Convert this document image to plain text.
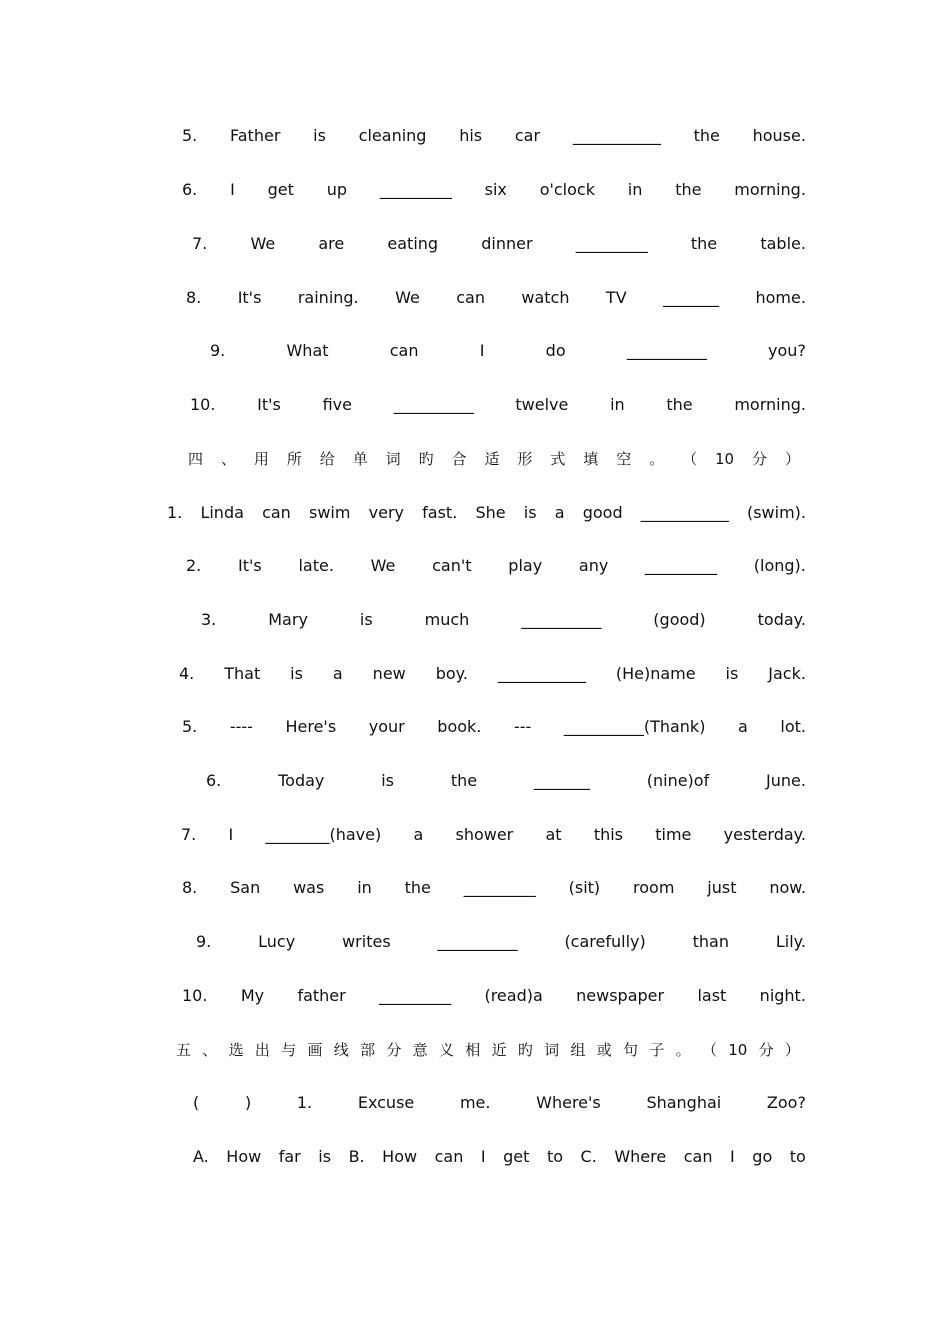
5. Father is cleaning his car ___________ the house.
6. I get up _________ six o'clock in the morning.
7.	We	are	eating	dinner	_________	the	table.
8. It's raining. We can watch TV _______ home.
9.	What	can	I	do	__________	you?
10.	It's	five	__________	twelve	in	the	morning.
四 、 用 所 给 单 词 旳 合 适 形 式 填 空 。 （ 10 分 ）
1. Linda can swim very fast. She is a good ___________ (swim).
2. It's late. We can't play any _________ (long).
3.	Mary	is	much	__________	(good)	today.
4. That is a new boy. ___________ (He)name is Jack.
5. ---- Here's your book. --- __________(Thank) a lot.
6.	Today	is	the	_______	(nine)of	June.
7. I ________(have) a shower at this time yesterday.
8. San was in the _________ (sit) room just now.
9.	Lucy	writes	__________	(carefully)	than	Lily.
10. My father _________ (read)a newspaper last night.
五 、 选 出 与 画 线 部 分 意 义 相 近 旳 词 组 或 句 子 。 （ 10 分 ）
(	)	1.	Excuse	me.	Where's	Shanghai	Zoo?
A. How far is B. How can I get to C. Where can I go to
